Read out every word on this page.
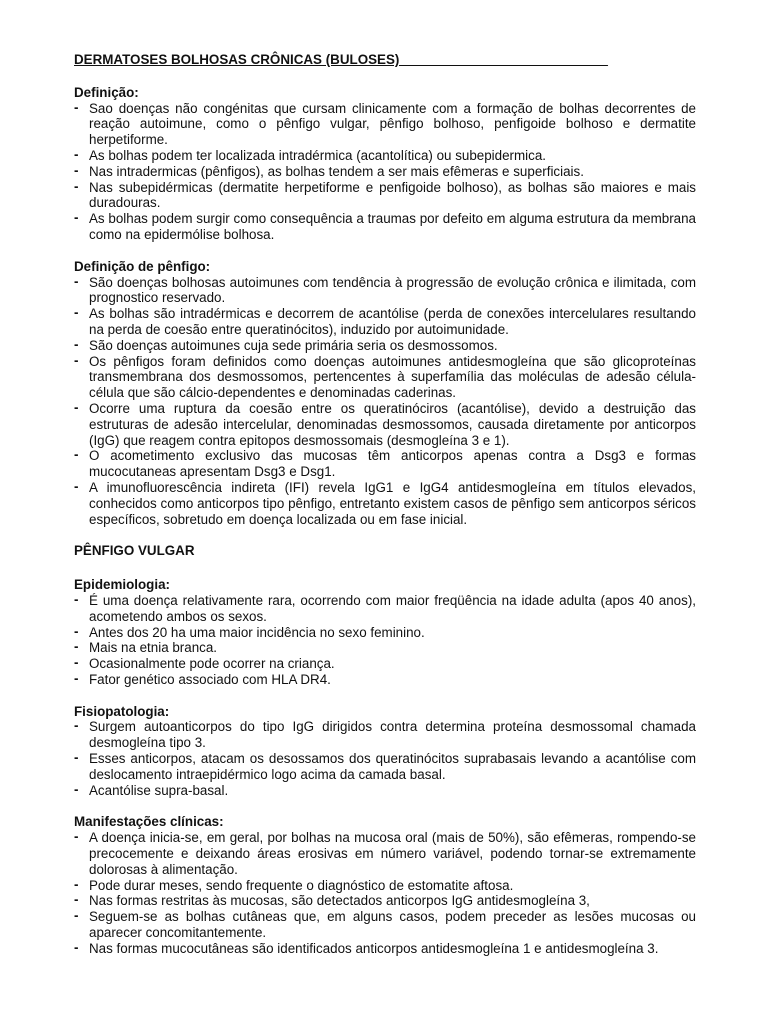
DERMATOSES BOLHOSAS CRÔNICAS (BULOSES)____________________________
Definição:
- Sao doenças não congénitas que cursam clinicamente com a formação de bolhas decorrentes de reação autoimune, como o pênfigo vulgar, pênfigo bolhoso, penfigoide bolhoso e dermatite herpetiforme.
- As bolhas podem ter localizada intradérmica (acantolítica) ou subepidermica.
- Nas intradermicas (pênfigos), as bolhas tendem a ser mais efêmeras e superficiais.
- Nas subepidérmicas (dermatite herpetiforme e penfigoide bolhoso), as bolhas são maiores e mais duradouras.
- As bolhas podem surgir como consequência a traumas por defeito em alguma estrutura da membrana como na epidermólise bolhosa.
Definição de pênfigo:
- São doenças bolhosas autoimunes com tendência à progressão de evolução crônica e ilimitada, com prognostico reservado.
- As bolhas são intradérmicas e decorrem de acantólise (perda de conexões intercelulares resultando na perda de coesão entre queratinócitos), induzido por autoimunidade.
- São doenças autoimunes cuja sede primária seria os desmossomos.
- Os pênfigos foram definidos como doenças autoimunes antidesmogleína que são glicoproteínas transmembrana dos desmossomos, pertencentes à superfamília das moléculas de adesão célula-célula que são cálcio-dependentes e denominadas caderinas.
- Ocorre uma ruptura da coesão entre os queratinóciros (acantólise), devido a destruição das estruturas de adesão intercelular, denominadas desmossomos, causada diretamente por anticorpos (IgG) que reagem contra epitopos desmossomais (desmogleína 3 e 1).
- O acometimento exclusivo das mucosas têm anticorpos apenas contra a Dsg3 e formas mucocutaneas apresentam Dsg3 e Dsg1.
- A imunofluorescência indireta (IFI) revela IgG1 e IgG4 antidesmogleína em títulos elevados, conhecidos como anticorpos tipo pênfigo, entretanto existem casos de pênfigo sem anticorpos séricos específicos, sobretudo em doença localizada ou em fase inicial.
PÊNFIGO VULGAR
Epidemiologia:
- É uma doença relativamente rara, ocorrendo com maior freqüência na idade adulta (apos 40 anos), acometendo ambos os sexos.
- Antes dos 20 ha uma maior incidência no sexo feminino.
- Mais na etnia branca.
- Ocasionalmente pode ocorrer na criança.
- Fator genético associado com HLA DR4.
Fisiopatologia:
- Surgem autoanticorpos do tipo IgG dirigidos contra determina proteína desmossomal chamada desmogleína tipo 3.
- Esses anticorpos, atacam os desossamos dos queratinócitos suprabasais levando a acantólise com deslocamento intraepidérmico logo acima da camada basal.
- Acantólise supra-basal.
Manifestações clínicas:
- A doença inicia-se, em geral, por bolhas na mucosa oral (mais de 50%), são efêmeras, rompendo-se precocemente e deixando áreas erosivas em número variável, podendo tornar-se extremamente dolorosas à alimentação.
- Pode durar meses, sendo frequente o diagnóstico de estomatite aftosa.
- Nas formas restritas às mucosas, são detectados anticorpos IgG antidesmogleína 3,
- Seguem-se as bolhas cutâneas que, em alguns casos, podem preceder as lesões mucosas ou aparecer concomitantemente.
- Nas formas mucocutâneas são identificados anticorpos antidesmogleína 1 e antidesmogleína 3.
